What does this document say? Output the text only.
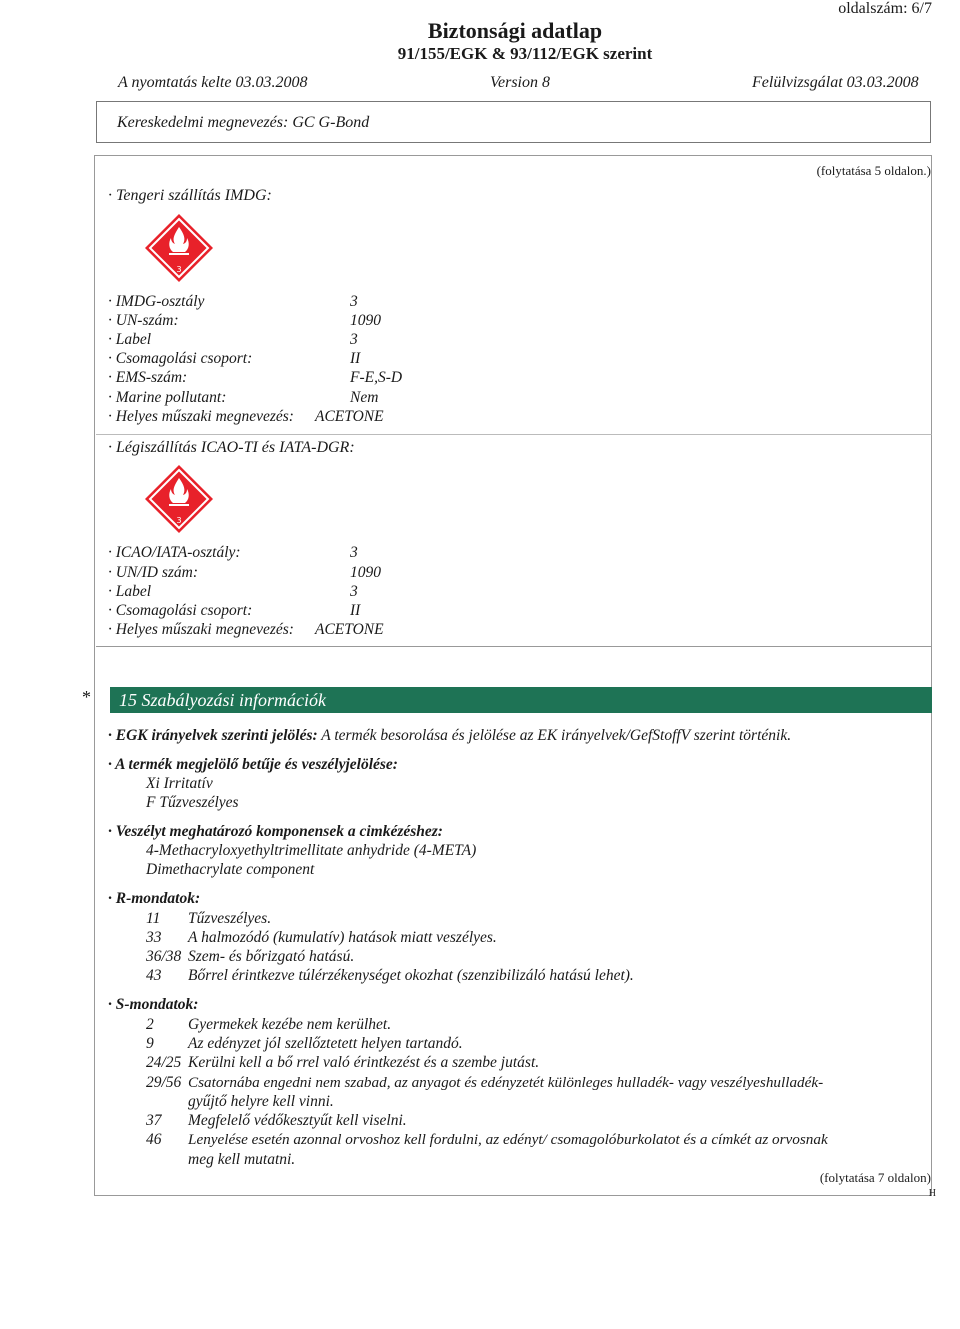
oldalszám: 6/7
Biztonsági adatlap
91/155/EGK & 93/112/EGK szerint
A nyomtatás kelte 03.03.2008	Version 8	Felülvizsgálat 03.03.2008
Kereskedelmi megnevezés: GC G-Bond
(folytatása 5 oldalon.)
· Tengeri szállítás IMDG:
3
· IMDG-osztály	3
· UN-szám:	1090
· Label	3
· Csomagolási csoport:	II
· EMS-szám:	F-E,S-D
· Marine pollutant:	Nem
· Helyes műszaki megnevezés: ACETONE
· Légiszállítás ICAO-TI és IATA-DGR:
3
· ICAO/IATA-osztály:	3
· UN/ID szám:	1090
· Label	3
· Csomagolási csoport:	II
· Helyes műszaki megnevezés: ACETONE
* 15 Szabályozási információk
· EGK irányelvek szerinti jelölés: A termék besorolása és jelölése az EK irányelvek/GefStoffV szerint történik.
· A termék megjelölő betűje és veszélyjelölése:
Xi Irritatív
F Tűzveszélyes
· Veszélyt meghatározó komponensek a cimkézéshez:
4-Methacryloxyethyltrimellitate anhydride (4-META)
Dimethacrylate component
· R-mondatok:
11 Tűzveszélyes.
33 A halmozódó (kumulatív) hatások miatt veszélyes.
36/38 Szem- és bőrizgató hatású.
43 Bőrrel érintkezve túlérzékenységet okozhat (szenzibilizáló hatású lehet).
· S-mondatok:
2 Gyermekek kezébe nem kerülhet.
9 Az edényzet jól szellőztetett helyen tartandó.
24/25 Kerülni kell a bő rrel való érintkezést és a szembe jutást.
29/56 Csatornába engedni nem szabad, az anyagot és edényzetét különleges hulladék- vagy veszélyeshulladék-
gyűjtő helyre kell vinni.
37 Megfelelő védőkesztyűt kell viselni.
46 Lenyelése esetén azonnal orvoshoz kell fordulni, az edényt/ csomagolóburkolatot és a címkét az orvosnak
meg kell mutatni.
(folytatása 7 oldalon)
H
